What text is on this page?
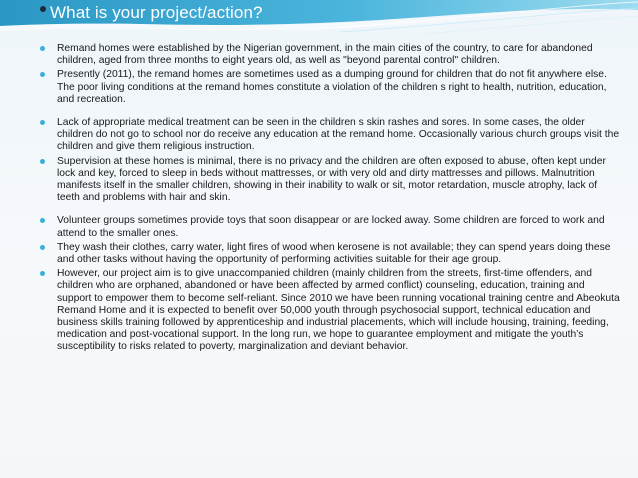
What is your project/action?

Remand homes were established by the Nigerian government, in the main cities of the country, to care for abandoned children, aged from three months to eight years old, as well as "beyond parental control" children.

Presently (2011), the remand homes are sometimes used as a dumping ground for children that do not fit anywhere else. The poor living conditions at the remand homes constitute a violation of the children s right to health, nutrition, education, and recreation.

Lack of appropriate medical treatment can be seen in the children s skin rashes and sores. In some cases, the older children do not go to school nor do receive any education at the remand home. Occasionally various church groups visit the children and give them religious instruction.

Supervision at these homes is minimal, there is no privacy and the children are often exposed to abuse, often kept under lock and key, forced to sleep in beds without mattresses, or with very old and dirty mattresses and pillows. Malnutrition manifests itself in the smaller children, showing in their inability to walk or sit, motor retardation, muscle atrophy, lack of teeth and problems with hair and skin.

Volunteer groups sometimes provide toys that soon disappear or are locked away. Some children are forced to work and attend to the smaller ones.

They wash their clothes, carry water, light fires of wood when kerosene is not available; they can spend years doing these and other tasks without having the opportunity of performing activities suitable for their age group.

However, our project aim is to give unaccompanied children (mainly children from the streets, first-time offenders, and children who are orphaned, abandoned or have been affected by armed conflict) counseling, education, training and support to empower them to become self-reliant. Since 2010 we have been running vocational training centre and Abeokuta Remand Home and it is expected to benefit over 50,000 youth through psychosocial support, technical education and business skills training followed by apprenticeship and industrial placements, which will include housing, training, feeding, medication and post-vocational support. In the long run, we hope to guarantee employment and mitigate the youth’s susceptibility to risks related to poverty, marginalization and deviant behavior.
